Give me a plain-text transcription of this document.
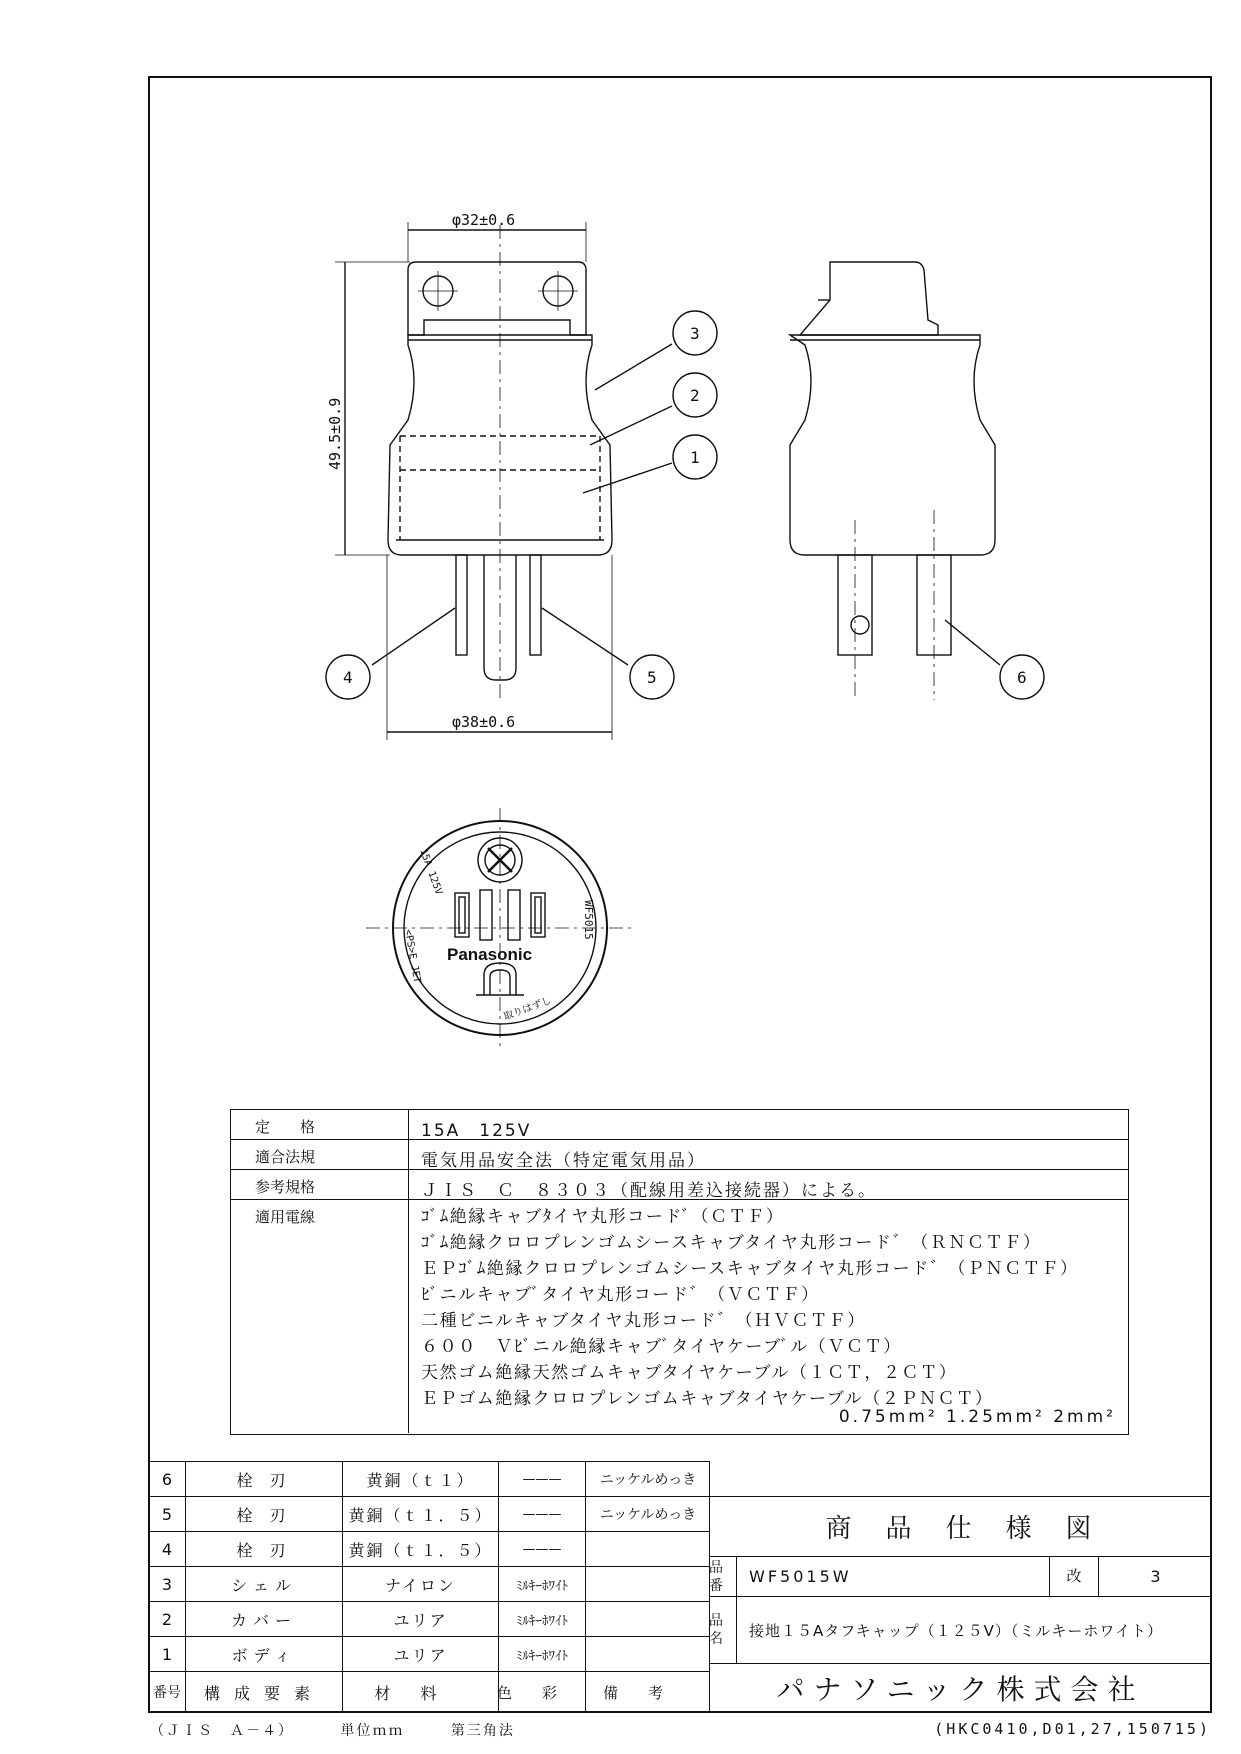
φ32±0.6
φ38±0.6
49.5±0.9
3
2
1
4	5	6
Panasonic
WF5015
15A 125V
<PS>E JET
取りはずし
定　　格	15A　125V
適合法規	電気用品安全法（特定電気用品）
参考規格	ＪＩＳ　Ｃ　８３０３（配線用差込接続器）による。
適用電線	ｺﾞﾑ絶縁キャブﾀイヤ丸形コードﾞ（ＣＴＦ）
ｺﾞﾑ絶縁クロロプレンゴムシースキャブタイヤ丸形コード゛（ＲＮＣＴＦ）
ＥＰｺﾞﾑ絶縁クロロプレンゴムシースキャブタイヤ丸形コード゛（ＰＮＣＴＦ）
ﾋﾞニルキャブﾞタイヤ丸形コード゛（ＶＣＴＦ）
二種ビニルキャブタイヤ丸形コード゛（ＨＶＣＴＦ）
６００　Ｖﾋﾞニル絶縁キャブﾞタイヤケーブﾞル（ＶＣＴ）
天然ゴム絶縁天然ゴムキャブタイヤケーブル（１ＣＴ，２ＣＴ）
ＥＰゴム絶縁クロロプレンゴムキャブタイヤケーブル（２ＰＮＣＴ）
0.75mm² 1.25mm² 2mm²
6	栓 刃	黄銅（ｔ１）	———	ニッケルめっき
5	栓 刃	黄銅（ｔ１．５）	———	ニッケルめっき
4	栓 刃	黄銅（ｔ１．５）	———
3	シェル	ナイロン	ﾐﾙｷｰﾎﾜｲﾄ
2	カバー	ユリア	ﾐﾙｷｰﾎﾜｲﾄ
1	ボディ	ユリア	ﾐﾙｷｰﾎﾜｲﾄ
番号	構成要素	材料	色彩	備考
商品仕様図
品番	WF5015W	改	3
品名	接地１５Aタフキャップ（１２５V）（ミルキーホワイト）
パナソニック株式会社
（ＪＩＳ　Ａ－４）	単位ｍｍ	第三角法	(HKC0410,D01,27,150715)
